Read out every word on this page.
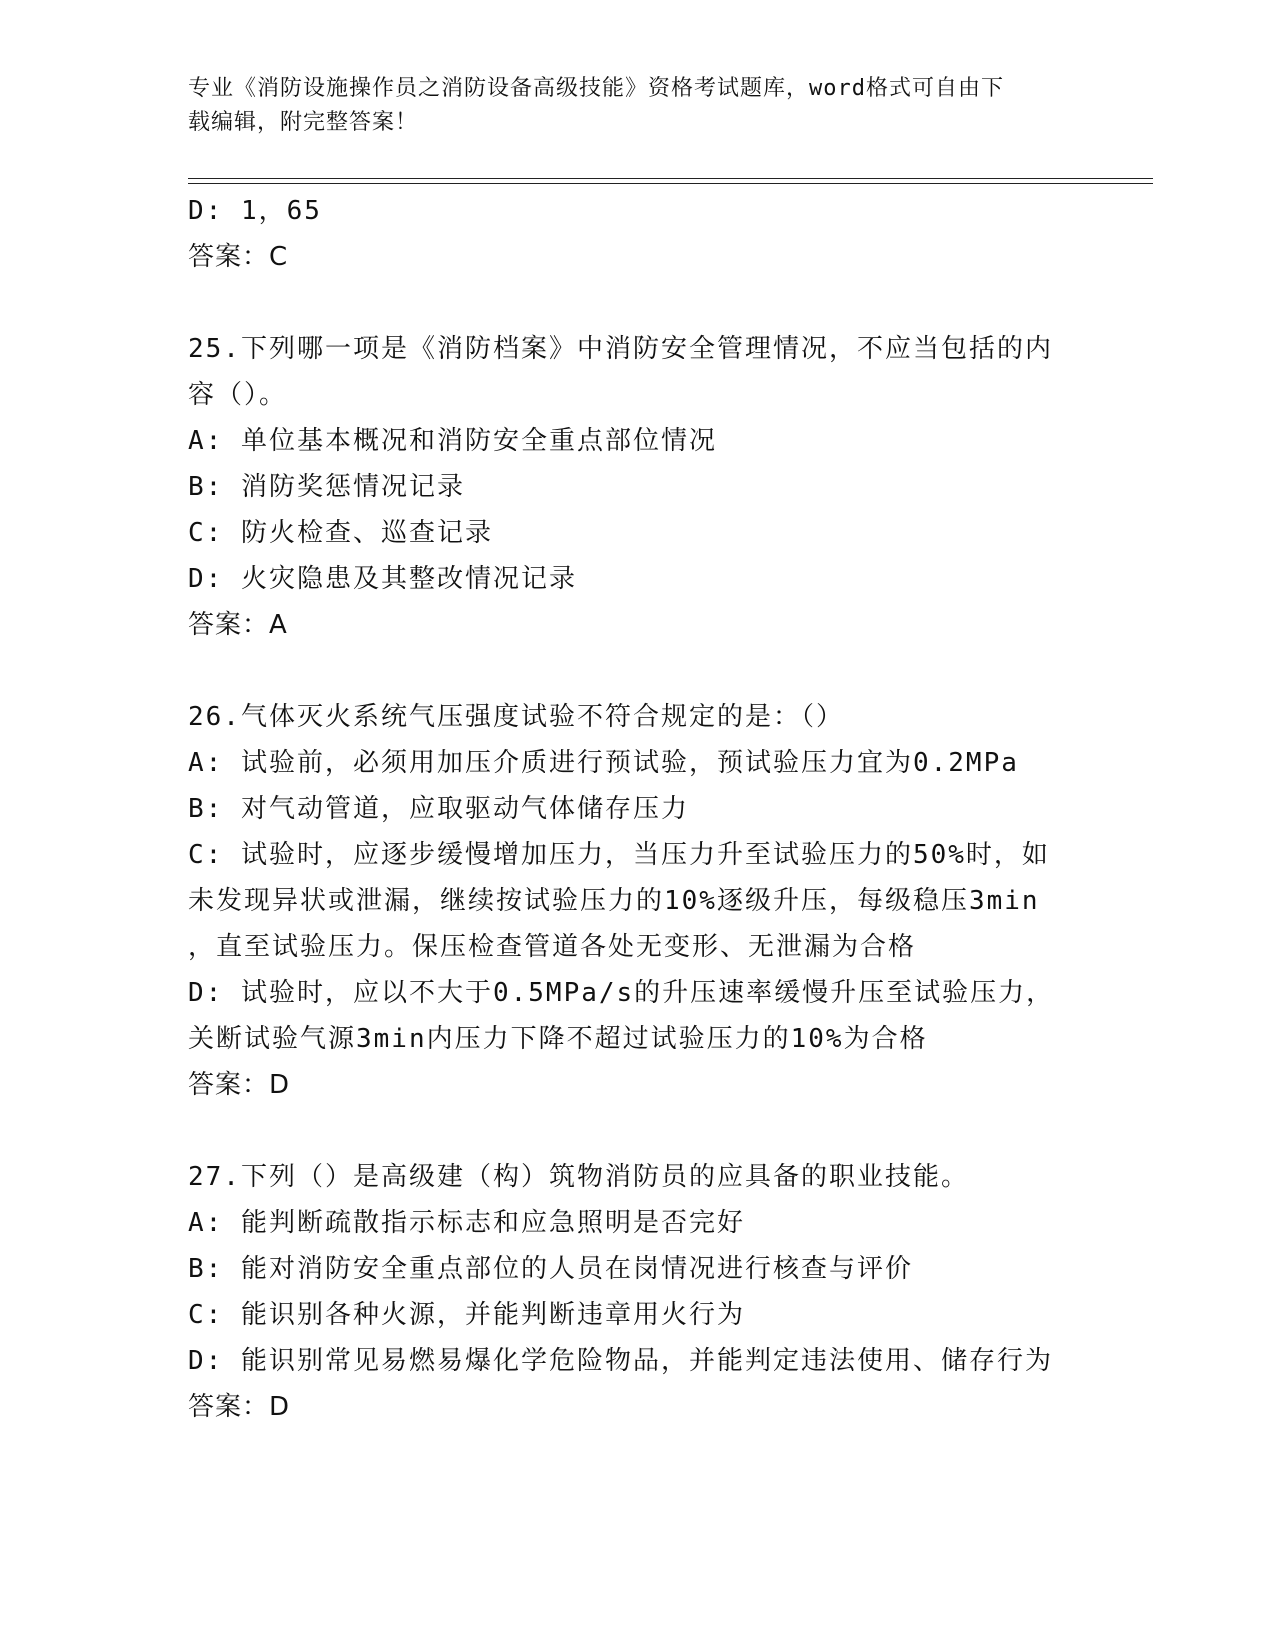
专业《消防设施操作员之消防设备高级技能》资格考试题库，word格式可自由下
载编辑，附完整答案！
D: 1，65
答案：C
25.下列哪一项是《消防档案》中消防安全管理情况，不应当包括的内
容（）。
A: 单位基本概况和消防安全重点部位情况
B: 消防奖惩情况记录
C: 防火检查、巡查记录
D: 火灾隐患及其整改情况记录
答案：A
26.气体灭火系统气压强度试验不符合规定的是：（）
A: 试验前，必须用加压介质进行预试验，预试验压力宜为0.2MPa
B: 对气动管道，应取驱动气体储存压力
C: 试验时，应逐步缓慢增加压力，当压力升至试验压力的50%时，如
未发现异状或泄漏，继续按试验压力的10%逐级升压，每级稳压3min
，直至试验压力。保压检查管道各处无变形、无泄漏为合格
D: 试验时，应以不大于0.5MPa/s的升压速率缓慢升压至试验压力，
关断试验气源3min内压力下降不超过试验压力的10%为合格
答案：D
27.下列（）是高级建（构）筑物消防员的应具备的职业技能。
A: 能判断疏散指示标志和应急照明是否完好
B: 能对消防安全重点部位的人员在岗情况进行核查与评价
C: 能识别各种火源，并能判断违章用火行为
D: 能识别常见易燃易爆化学危险物品，并能判定违法使用、储存行为
答案：D
